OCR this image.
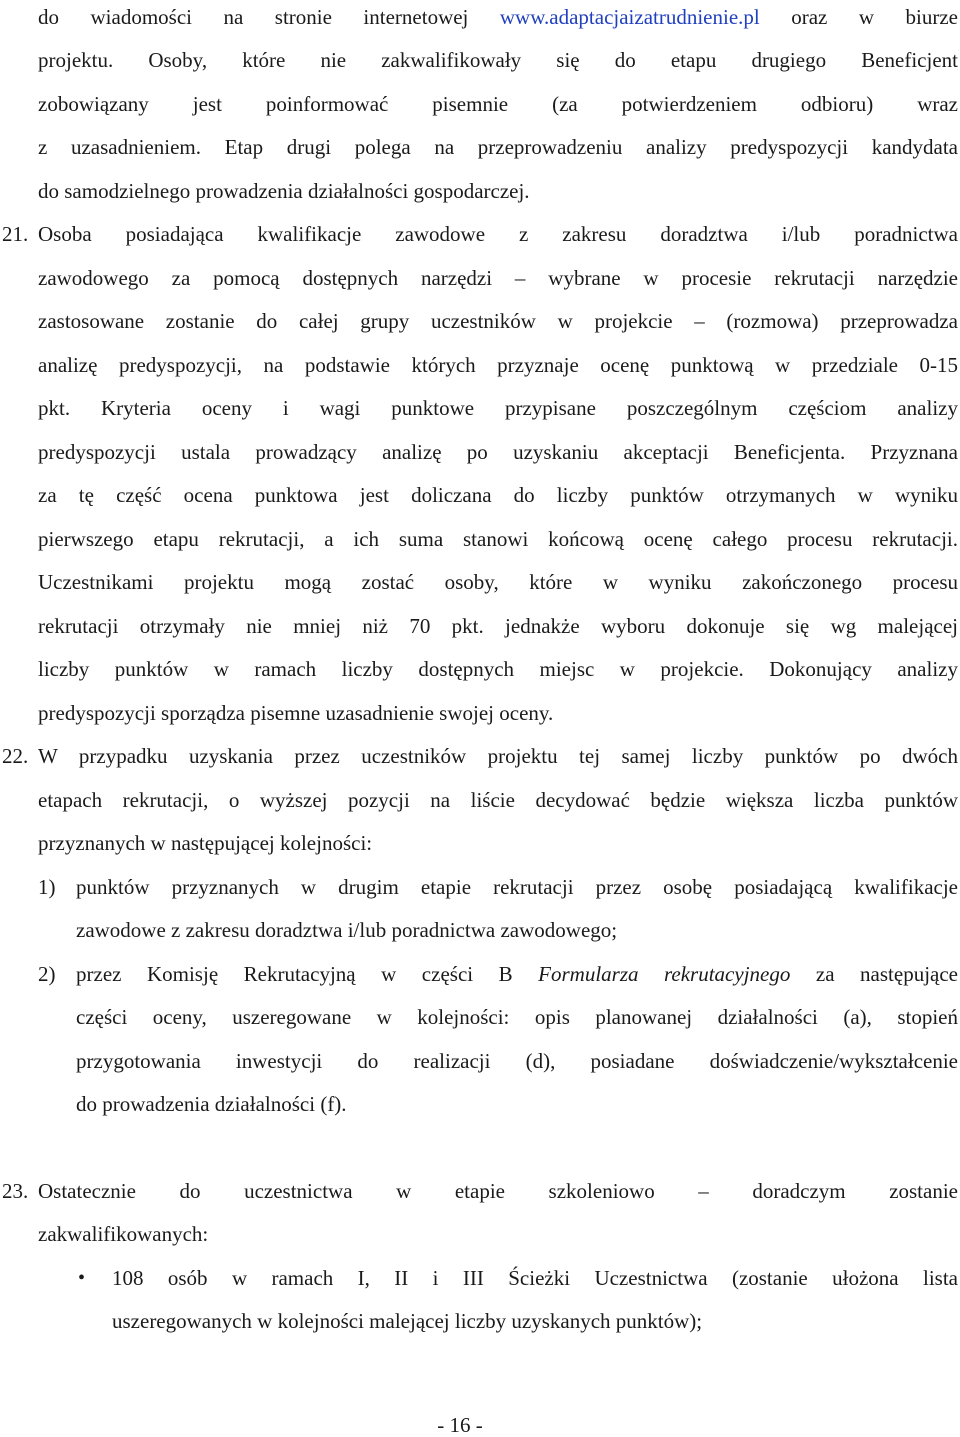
do wiadomości na stronie internetowej www.adaptacjaizatrudnienie.pl oraz w biurze
projektu. Osoby, które nie zakwalifikowały się do etapu drugiego Beneficjent
zobowiązany jest poinformować pisemnie (za potwierdzeniem odbioru) wraz
z uzasadnieniem. Etap drugi polega na przeprowadzeniu analizy predyspozycji kandydata
do samodzielnego prowadzenia działalności gospodarczej.
21. Osoba posiadająca kwalifikacje zawodowe z zakresu doradztwa i/lub poradnictwa
zawodowego za pomocą dostępnych narzędzi – wybrane w procesie rekrutacji narzędzie
zastosowane zostanie do całej grupy uczestników w projekcie – (rozmowa) przeprowadza
analizę predyspozycji, na podstawie których przyznaje ocenę punktową w przedziale 0-15
pkt. Kryteria oceny i wagi punktowe przypisane poszczególnym częściom analizy
predyspozycji ustala prowadzący analizę po uzyskaniu akceptacji Beneficjenta. Przyznana
za tę część ocena punktowa jest doliczana do liczby punktów otrzymanych w wyniku
pierwszego etapu rekrutacji, a ich suma stanowi końcową ocenę całego procesu rekrutacji.
Uczestnikami projektu mogą zostać osoby, które w wyniku zakończonego procesu
rekrutacji otrzymały nie mniej niż 70 pkt. jednakże wyboru dokonuje się wg malejącej
liczby punktów w ramach liczby dostępnych miejsc w projekcie. Dokonujący analizy
predyspozycji sporządza pisemne uzasadnienie swojej oceny.
22. W przypadku uzyskania przez uczestników projektu tej samej liczby punktów po dwóch
etapach rekrutacji, o wyższej pozycji na liście decydować będzie większa liczba punktów
przyznanych w następującej kolejności:
1) punktów przyznanych w drugim etapie rekrutacji przez osobę posiadającą kwalifikacje
zawodowe z zakresu doradztwa i/lub poradnictwa zawodowego;
2) przez Komisję Rekrutacyjną w części B Formularza rekrutacyjnego za następujące
części oceny, uszeregowane w kolejności: opis planowanej działalności (a), stopień
przygotowania inwestycji do realizacji (d), posiadane doświadczenie/wykształcenie
do prowadzenia działalności (f).
23. Ostatecznie do uczestnictwa w etapie szkoleniowo – doradczym zostanie
zakwalifikowanych:
• 108 osób w ramach I, II i III Ścieżki Uczestnictwa (zostanie ułożona lista
uszeregowanych w kolejności malejącej liczby uzyskanych punktów);
- 16 -
